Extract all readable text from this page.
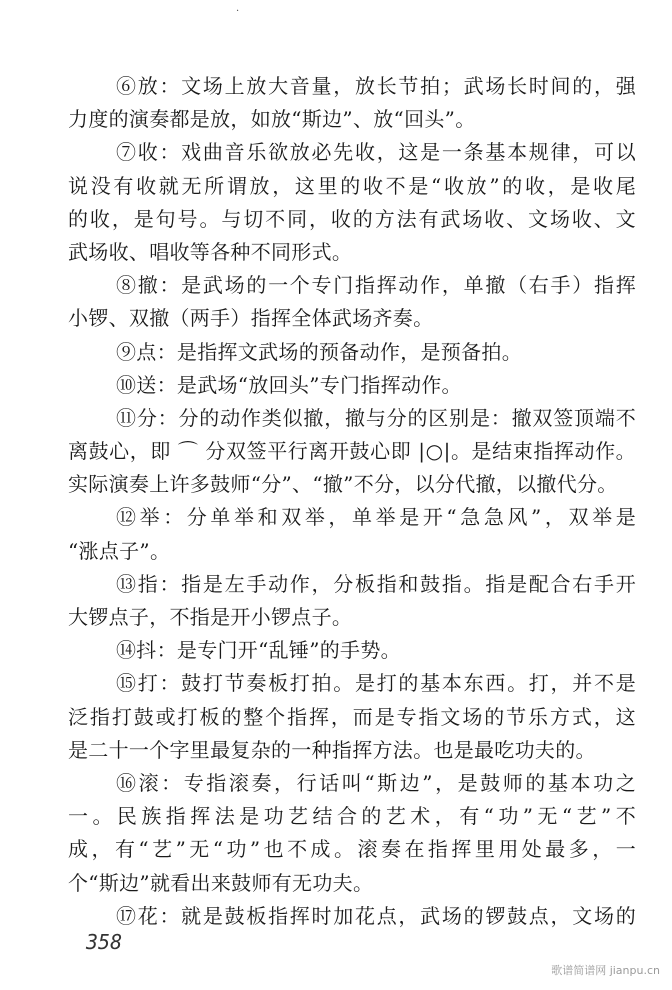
·
⑥放：文场上放大音量，放长节拍；武场长时间的，强
力度的演奏都是放，如放“斯边”、放“回头”。
⑦收：戏曲音乐欲放必先收，这是一条基本规律，可以
说没有收就无所谓放，这里的收不是“收放”的收，是收尾
的收，是句号。与切不同，收的方法有武场收、文场收、文
武场收、唱收等各种不同形式。
⑧撤：是武场的一个专门指挥动作，单撤（右手）指挥
小锣、双撤（两手）指挥全体武场齐奏。
⑨点：是指挥文武场的预备动作，是预备拍。
⑩送：是武场“放回头”专门指挥动作。
⑪分：分的动作类似撤，撤与分的区别是：撤双签顶端不
离鼓心，即 ⌒ 分双签平行离开鼓心即 |○|。是结束指挥动作。
实际演奏上许多鼓师“分”、“撤”不分，以分代撤，以撤代分。
⑫举：分单举和双举，单举是开“急急风”，双举是
“涨点子”。
⑬指：指是左手动作，分板指和鼓指。指是配合右手开
大锣点子，不指是开小锣点子。
⑭抖：是专门开“乱锤”的手势。
⑮打：鼓打节奏板打拍。是打的基本东西。打，并不是
泛指打鼓或打板的整个指挥，而是专指文场的节乐方式，这
是二十一个字里最复杂的一种指挥方法。也是最吃功夫的。
⑯滚：专指滚奏，行话叫“斯边”，是鼓师的基本功之
一。民族指挥法是功艺结合的艺术，有“功”无“艺”不
成，有“艺”无“功”也不成。滚奏在指挥里用处最多，一
个“斯边”就看出来鼓师有无功夫。
⑰花：就是鼓板指挥时加花点，武场的锣鼓点，文场的
358
歌谱简谱网 jianpu.cn
